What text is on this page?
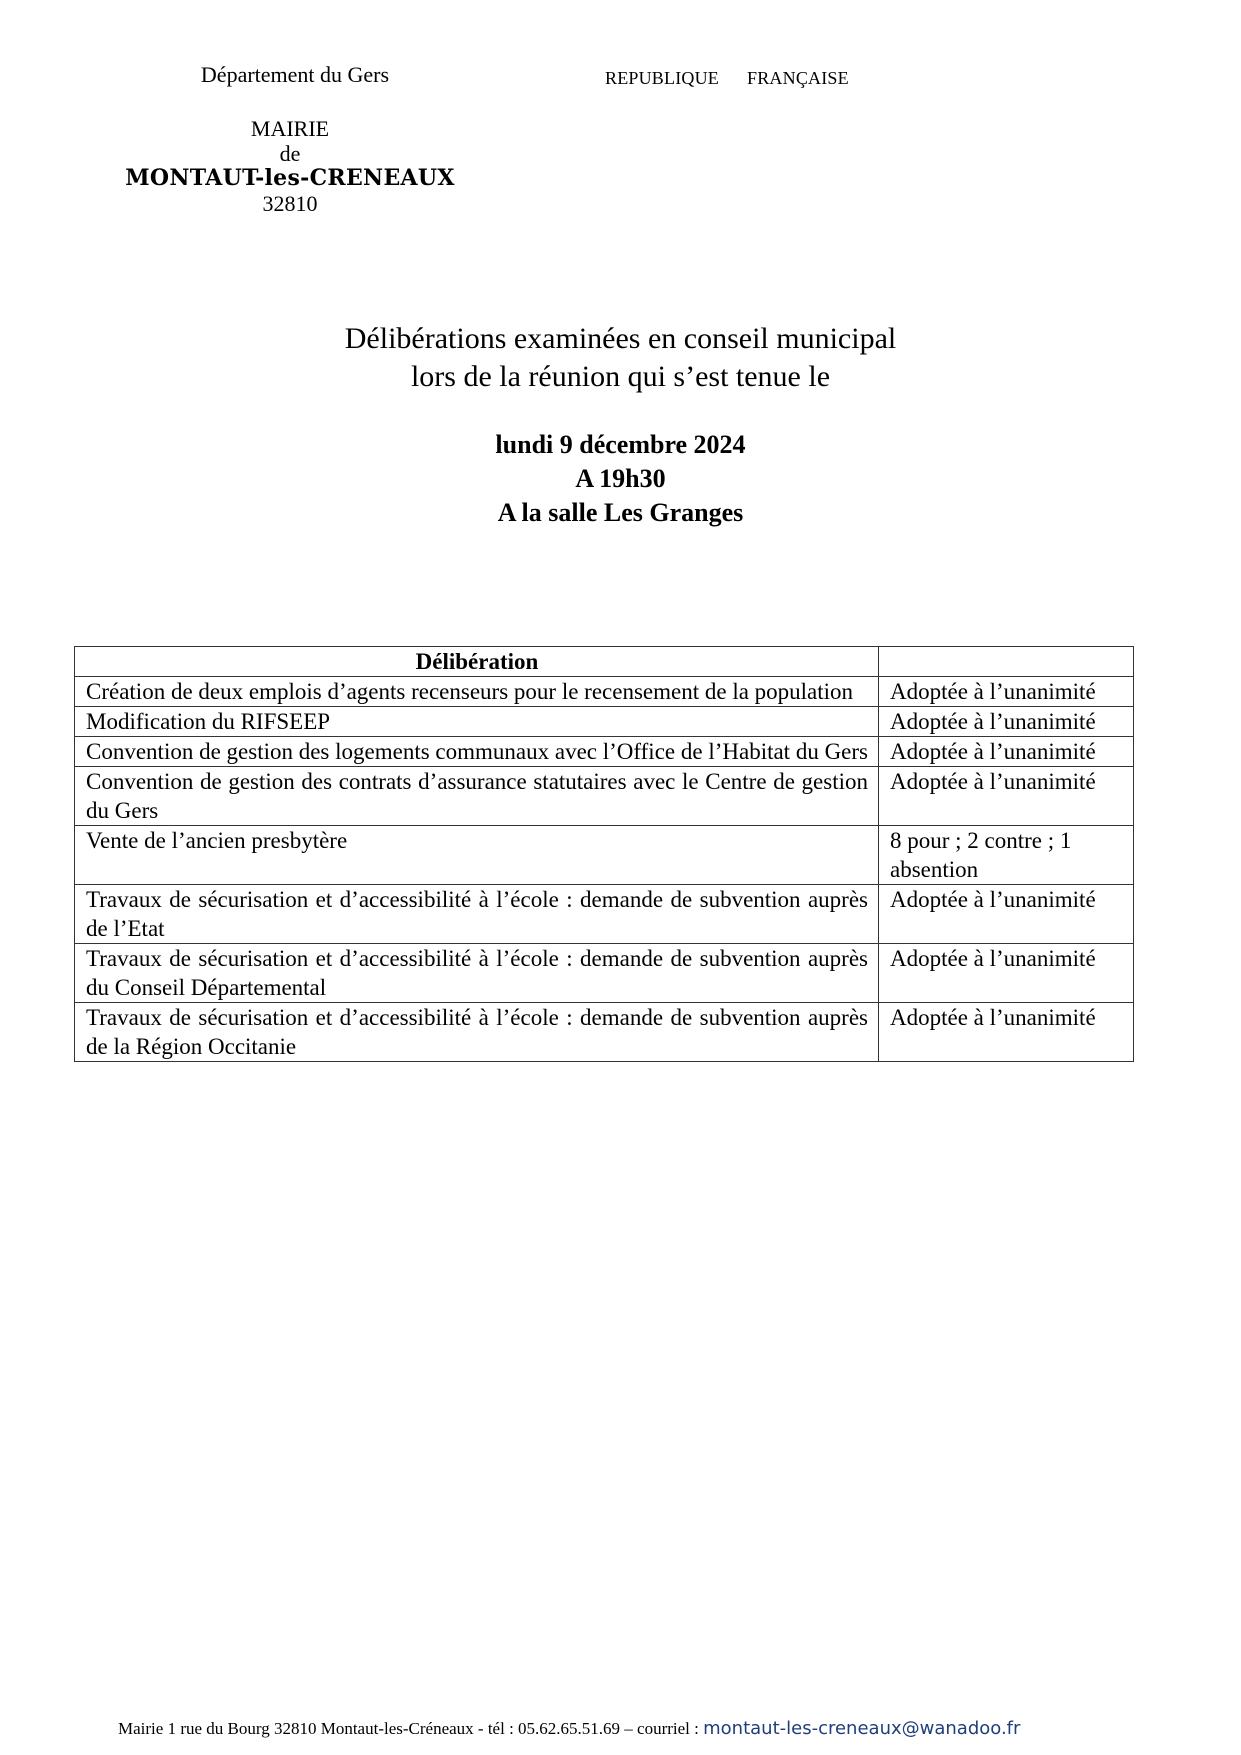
Département du Gers	REPUBLIQUE FRANÇAISE
MAIRIE
de
MONTAUT-les-CRENEAUX
32810
Délibérations examinées en conseil municipal
lors de la réunion qui s’est tenue le
lundi 9 décembre 2024
A 19h30
A la salle Les Granges
Délibération	
Création de deux emplois d’agents recenseurs pour le recensement de la population	Adoptée à l’unanimité
Modification du RIFSEEP	Adoptée à l’unanimité
Convention de gestion des logements communaux avec l’Office de l’Habitat du Gers	Adoptée à l’unanimité
Convention de gestion des contrats d’assurance statutaires avec le Centre de gestion du Gers	Adoptée à l’unanimité
Vente de l’ancien presbytère	8 pour ; 2 contre ; 1 absention
Travaux de sécurisation et d’accessibilité à l’école : demande de subvention auprès de l’Etat	Adoptée à l’unanimité
Travaux de sécurisation et d’accessibilité à l’école : demande de subvention auprès du Conseil Départemental	Adoptée à l’unanimité
Travaux de sécurisation et d’accessibilité à l’école : demande de subvention auprès de la Région Occitanie	Adoptée à l’unanimité
Mairie 1 rue du Bourg 32810 Montaut-les-Créneaux - tél : 05.62.65.51.69 – courriel : montaut-les-creneaux@wanadoo.fr
